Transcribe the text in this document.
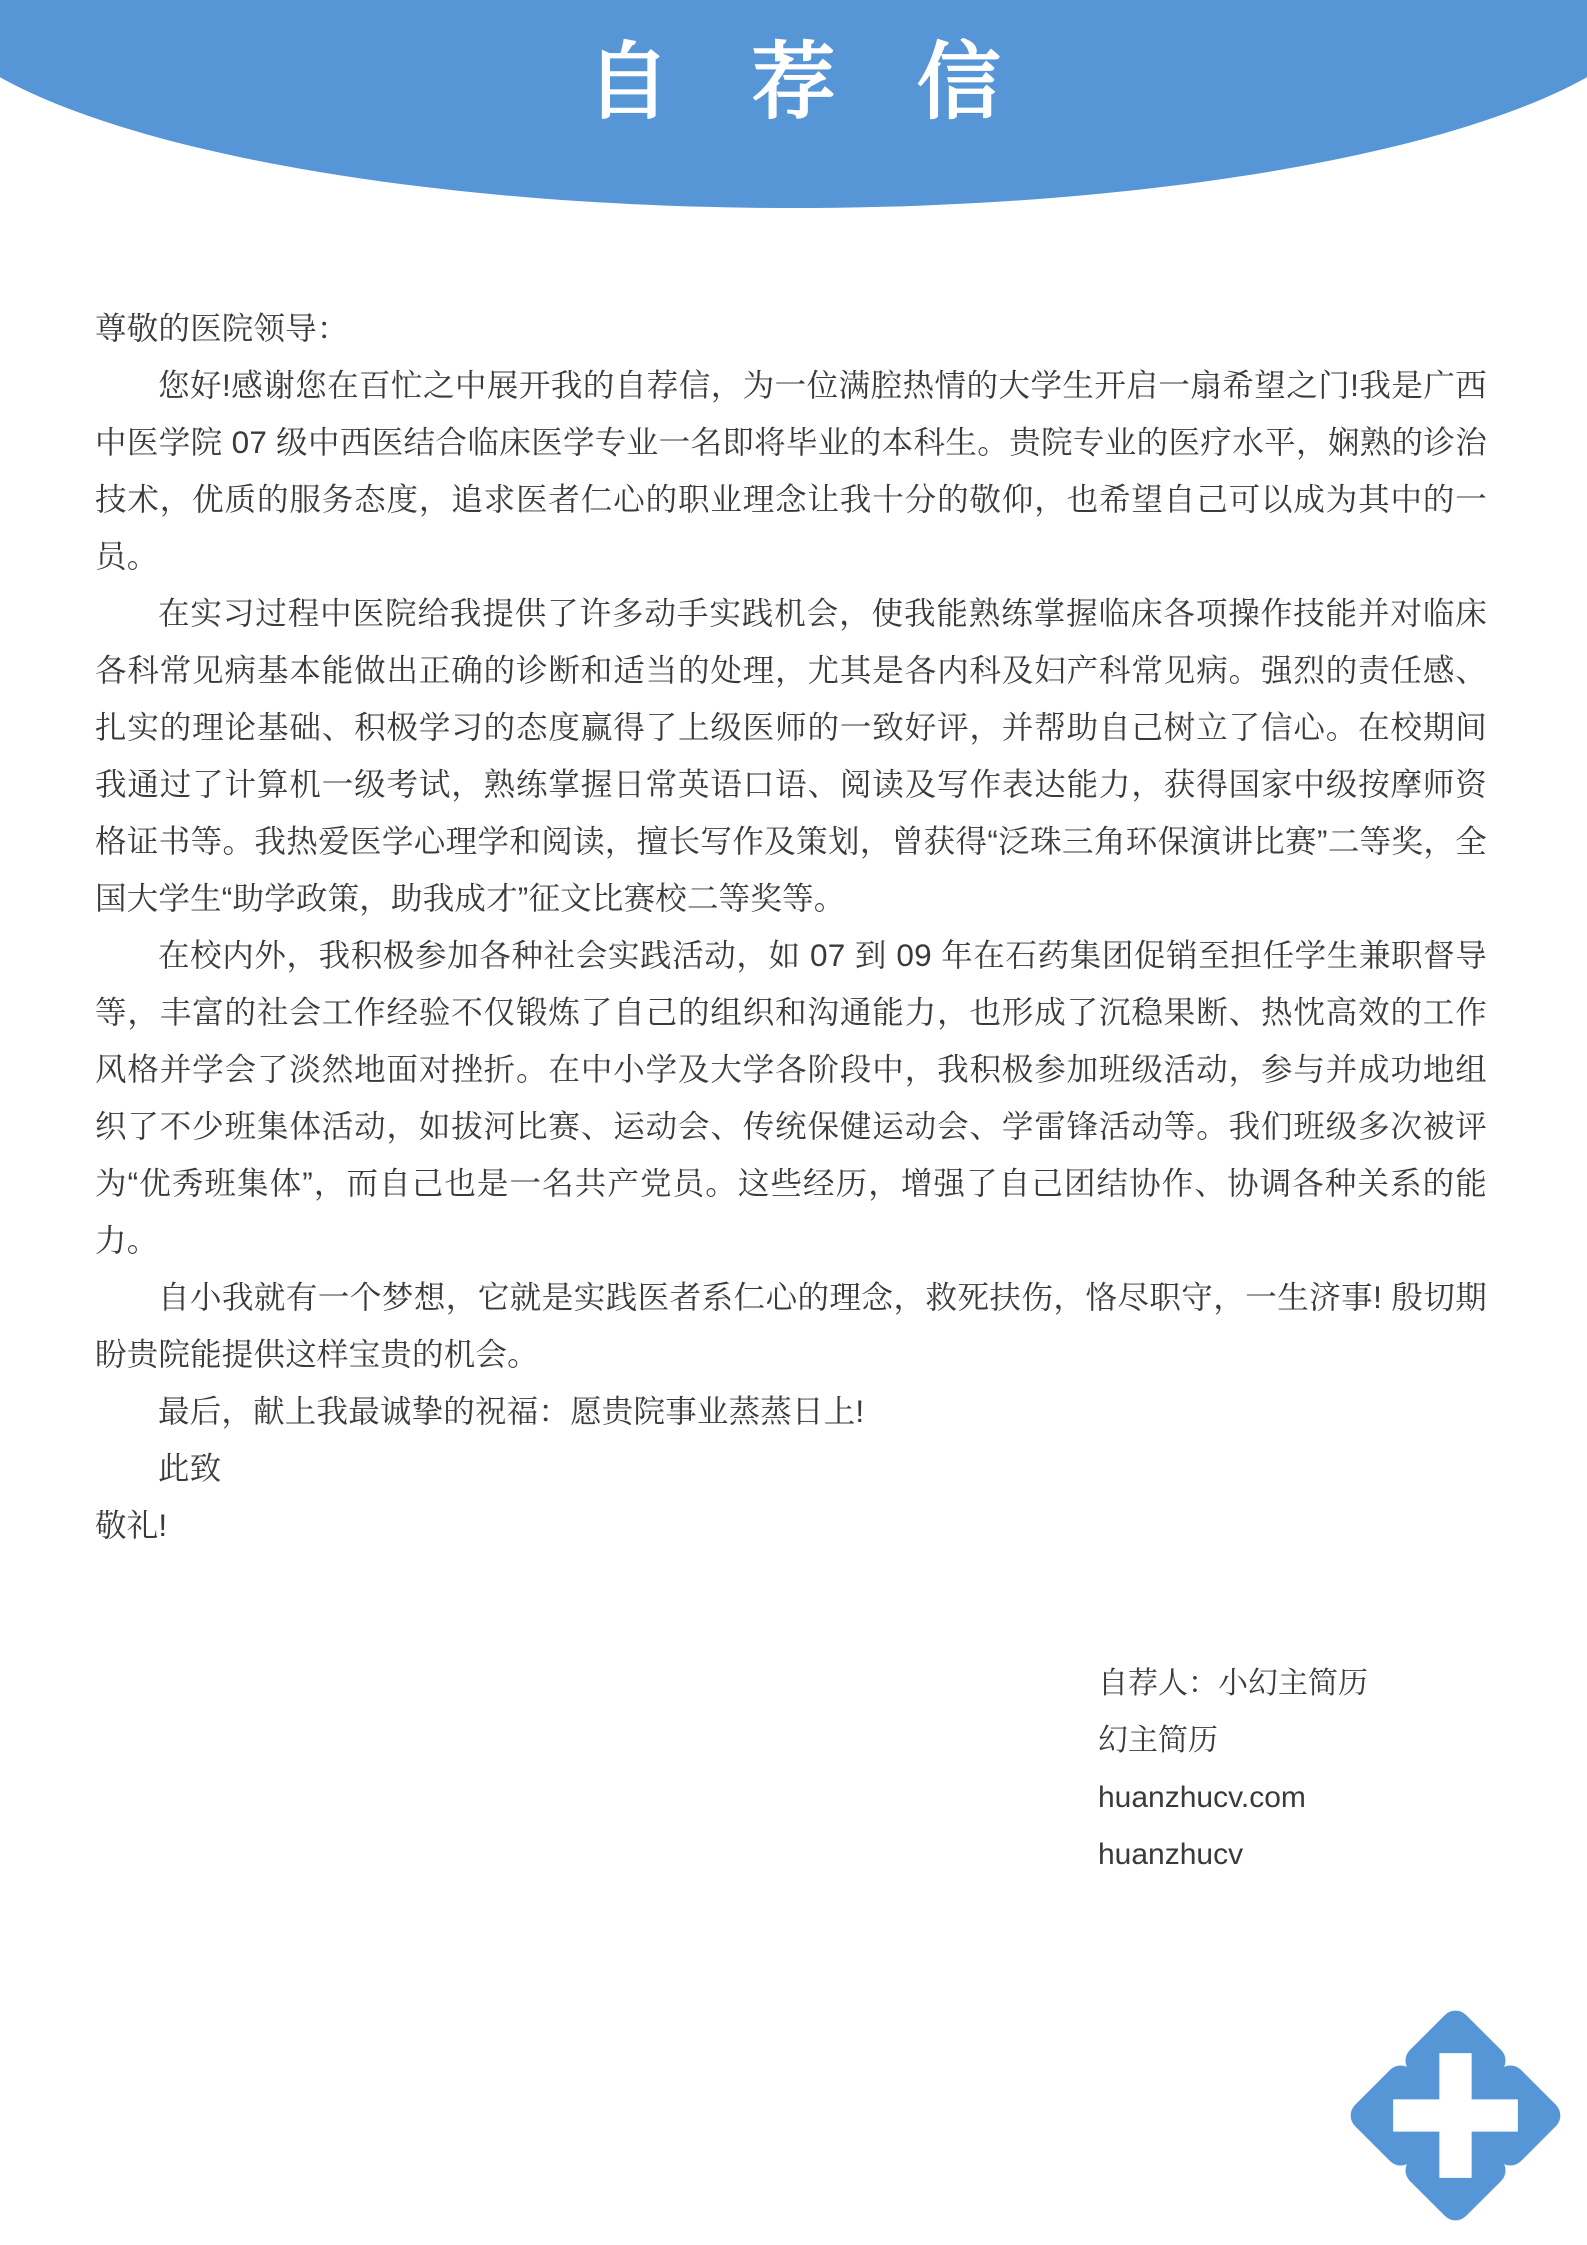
自 荐 信

尊敬的医院领导：

您好!感谢您在百忙之中展开我的自荐信，为一位满腔热情的大学生开启一扇希望之门!我是广西中医学院 07 级中西医结合临床医学专业一名即将毕业的本科生。贵院专业的医疗水平，娴熟的诊治技术，优质的服务态度，追求医者仁心的职业理念让我十分的敬仰，也希望自己可以成为其中的一员。

在实习过程中医院给我提供了许多动手实践机会，使我能熟练掌握临床各项操作技能并对临床各科常见病基本能做出正确的诊断和适当的处理，尤其是各内科及妇产科常见病。强烈的责任感、扎实的理论基础、积极学习的态度赢得了上级医师的一致好评，并帮助自己树立了信心。在校期间我通过了计算机一级考试，熟练掌握日常英语口语、阅读及写作表达能力，获得国家中级按摩师资格证书等。我热爱医学心理学和阅读，擅长写作及策划，曾获得“泛珠三角环保演讲比赛”二等奖，全国大学生“助学政策，助我成才”征文比赛校二等奖等。

在校内外，我积极参加各种社会实践活动，如 07 到 09 年在石药集团促销至担任学生兼职督导等，丰富的社会工作经验不仅锻炼了自己的组织和沟通能力，也形成了沉稳果断、热忱高效的工作风格并学会了淡然地面对挫折。在中小学及大学各阶段中，我积极参加班级活动，参与并成功地组织了不少班集体活动，如拔河比赛、运动会、传统保健运动会、学雷锋活动等。我们班级多次被评为“优秀班集体”，而自己也是一名共产党员。这些经历，增强了自己团结协作、协调各种关系的能力。

自小我就有一个梦想，它就是实践医者系仁心的理念，救死扶伤，恪尽职守，一生济事! 殷切期盼贵院能提供这样宝贵的机会。

最后，献上我最诚挚的祝福：愿贵院事业蒸蒸日上!

此致

敬礼!

自荐人：小幻主简历

幻主简历

huanzhucv.com

huanzhucv
